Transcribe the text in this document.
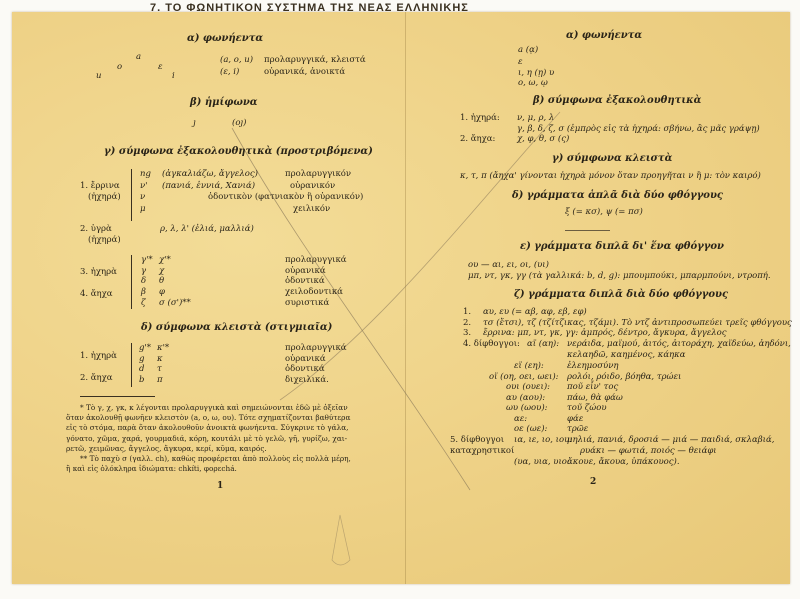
7. ΤΟ ΦΩΝΗΤΙΚΟΝ ΣΥΣΤΗΜΑ ΤΗΣ ΝΕΑΣ ΕΛΛΗΝΙΚΗΣ
α) φωνήεντα
a
o	ε
u	i
(a, o, u) προλαρυγγικά, κλειστά
(ε, i)	οὐρανικά, ἀνοικτά
β) ἡμίφωνα
ȷ	(οȷ)
γ) σύμφωνα ἐξακολουθητικὰ (προστριβόμενα)
1. ἔρρινα
(ἠχηρά)
ng (ἀγκαλιάζω, ἄγγελος)	προλαρυγγικόν
ν' (πανιά, ἐννιά, Χανιά)	οὐρανικόν
ν	ὀδοντικὸν (φατνιακὸν ἢ οὐρανικόν)
μ	χειλικόν
2. ὑγρὰ
(ἠχηρά)
ρ, λ, λ' (ἐλιά, μαλλιά)
3. ἠχηρὰ
4. ἄηχα
γ'* χ'*	προλαρυγγικά
γ χ	οὐρανικά
δ θ	ὀδοντικά
β φ	χειλοδοντικά
ζ σ (σ')**	συριστικά
δ) σύμφωνα κλειστὰ (στιγμιαῖα)
1. ἠχηρὰ
2. ἄηχα
g'* κ'*	προλαρυγγικά
g κ	οὐρανικά
d τ	ὀδοντικά
b π	διχειλικά.
* Τὸ γ, χ, γκ, κ λέγονται προλαρυγγικὰ καὶ σημειώνονται ἐδῶ μὲ ὀξεῖαν
ὅταν ἀκολουθῇ φωνῆεν κλειστὸν (a, o, ω, ου). Τότε σχηματίζονται βαθύτερα
εἰς τὸ στόμα, παρὰ ὅταν ἀκολουθοῦν ἀνοικτὰ φωνήεντα. Σύγκρινε τὸ γάλα,
γόνατο, χῶμα, χαρά, γουρμαδιά, κόρη, κουτάλι μὲ τὸ γελῶ, γῆ, γυρίζω, χαι-
ρετῶ, χειμῶνας, ἄγγελος, ἄγκυρα, κερί, κῦμα, καιρός.
** Τὸ παχὺ σ (γαλλ. ch), καθὼς προφέρεται ἀπὸ πολλοὺς εἰς πολλὰ μέρη,
ἢ καὶ εἰς ὁλόκληρα ἰδιώματα: chkíti, φορεchá.
1
α) φωνήεντα
a (ᾳ)
ε
ι, η (ῃ) υ
ο, ω, ῳ
β) σύμφωνα ἐξακολουθητικὰ
1. ἠχηρά: ν, μ, ρ, λ
γ, β, δ, ζ, σ (ἐμπρὸς εἰς τὰ ἠχηρά: σβήνω, ἂς μᾶς γράψῃ)
2. ἄηχα:	χ, φ, θ, σ (ς)
γ) σύμφωνα κλειστὰ
κ, τ, π (ἄηχα' γίνονται ἠχηρὰ μόνον ὅταν προηγῆται ν ἢ μ: τὸν καιρό)
δ) γράμματα ἁπλᾶ διὰ δύο φθόγγους
ξ (= κσ), ψ (= πσ)
ε) γράμματα διπλᾶ δι' ἕνα φθόγγον
ου — αι, ει, οι, (υι)
μπ, ντ, γκ, γγ (τὰ γαλλικά: b, d, g): μπουμπούκι, μπαρμπούνι, ντροπή.
ζ) γράμματα διπλᾶ διὰ δύο φθόγγους
1. αυ, ευ (= αβ, αφ, εβ, εφ)
2. τσ (ἔτσι), τζ (τζίτζικας, τζάμι). Τὸ ντζ ἀντιπροσωπεύει τρεῖς φθόγγους
3. ἔρρινα: μπ, ντ, γκ, γγ: ἀμπρός, δέντρο, ἄγκυρα, ἄγγελος
4. δίφθογγοι: αϊ (αη): νεράιδα, μαϊμού, ἀιτός, ἀιτοράχη, χαϊδεύω, ἀηδόνι,
κελαηδῶ, καημένος, κάηκα
εϊ (εη):	ἐλεημοσύνη
οϊ (οη, οει, ωει): ρολόι, ρόιδο, βόηθα, τρώει
ουι (ουει): ποῦ εἶν' τος
αυ (αου):	πάω, θὰ φάω
ωυ (ωου): τοῦ ζώου
αε:	φάε
οε (ωε): τρῶε
5. δίφθογγοι
καταχρηστικοί
ια, ιε, ιο, ιου:
μηλιά, πανιά, δροσιά — μιά — παιδιά, σκλαβιά,
ρυάκι — φωτιά, ποιός — θειάφι
(υα, υια, υιο:
ἄκουε, ἄκουα, ὑπάκουος).
2
